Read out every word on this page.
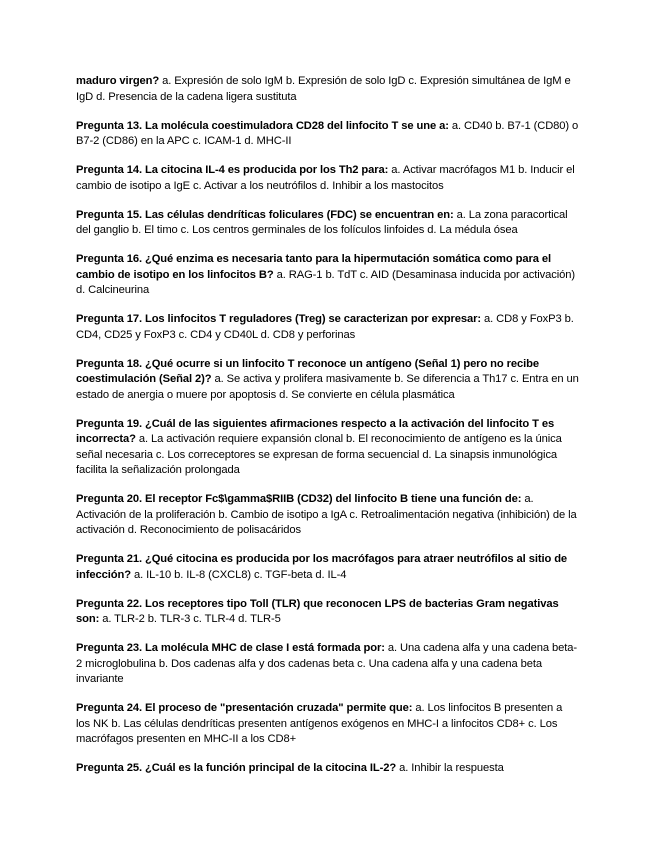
maduro virgen? a. Expresión de solo IgM b. Expresión de solo IgD c. Expresión simultánea de IgM e IgD d. Presencia de la cadena ligera sustituta

Pregunta 13. La molécula coestimuladora CD28 del linfocito T se une a: a. CD40 b. B7-1 (CD80) o B7-2 (CD86) en la APC c. ICAM-1 d. MHC-II

Pregunta 14. La citocina IL-4 es producida por los Th2 para: a. Activar macrófagos M1 b. Inducir el cambio de isotipo a IgE c. Activar a los neutrófilos d. Inhibir a los mastocitos

Pregunta 15. Las células dendríticas foliculares (FDC) se encuentran en: a. La zona paracortical del ganglio b. El timo c. Los centros germinales de los folículos linfoides d. La médula ósea

Pregunta 16. ¿Qué enzima es necesaria tanto para la hipermutación somática como para el cambio de isotipo en los linfocitos B? a. RAG-1 b. TdT c. AID (Desaminasa inducida por activación) d. Calcineurina

Pregunta 17. Los linfocitos T reguladores (Treg) se caracterizan por expresar: a. CD8 y FoxP3 b. CD4, CD25 y FoxP3 c. CD4 y CD40L d. CD8 y perforinas

Pregunta 18. ¿Qué ocurre si un linfocito T reconoce un antígeno (Señal 1) pero no recibe coestimulación (Señal 2)? a. Se activa y prolifera masivamente b. Se diferencia a Th17 c. Entra en un estado de anergia o muere por apoptosis d. Se convierte en célula plasmática

Pregunta 19. ¿Cuál de las siguientes afirmaciones respecto a la activación del linfocito T es incorrecta? a. La activación requiere expansión clonal b. El reconocimiento de antígeno es la única señal necesaria c. Los correceptores se expresan de forma secuencial d. La sinapsis inmunológica facilita la señalización prolongada

Pregunta 20. El receptor Fc$\gamma$RIIB (CD32) del linfocito B tiene una función de: a. Activación de la proliferación b. Cambio de isotipo a IgA c. Retroalimentación negativa (inhibición) de la activación d. Reconocimiento de polisacáridos

Pregunta 21. ¿Qué citocina es producida por los macrófagos para atraer neutrófilos al sitio de infección? a. IL-10 b. IL-8 (CXCL8) c. TGF-beta d. IL-4

Pregunta 22. Los receptores tipo Toll (TLR) que reconocen LPS de bacterias Gram negativas son: a. TLR-2 b. TLR-3 c. TLR-4 d. TLR-5

Pregunta 23. La molécula MHC de clase I está formada por: a. Una cadena alfa y una cadena beta-2 microglobulina b. Dos cadenas alfa y dos cadenas beta c. Una cadena alfa y una cadena beta invariante

Pregunta 24. El proceso de "presentación cruzada" permite que: a. Los linfocitos B presenten a los NK b. Las células dendríticas presenten antígenos exógenos en MHC-I a linfocitos CD8+ c. Los macrófagos presenten en MHC-II a los CD8+

Pregunta 25. ¿Cuál es la función principal de la citocina IL-2? a. Inhibir la respuesta
